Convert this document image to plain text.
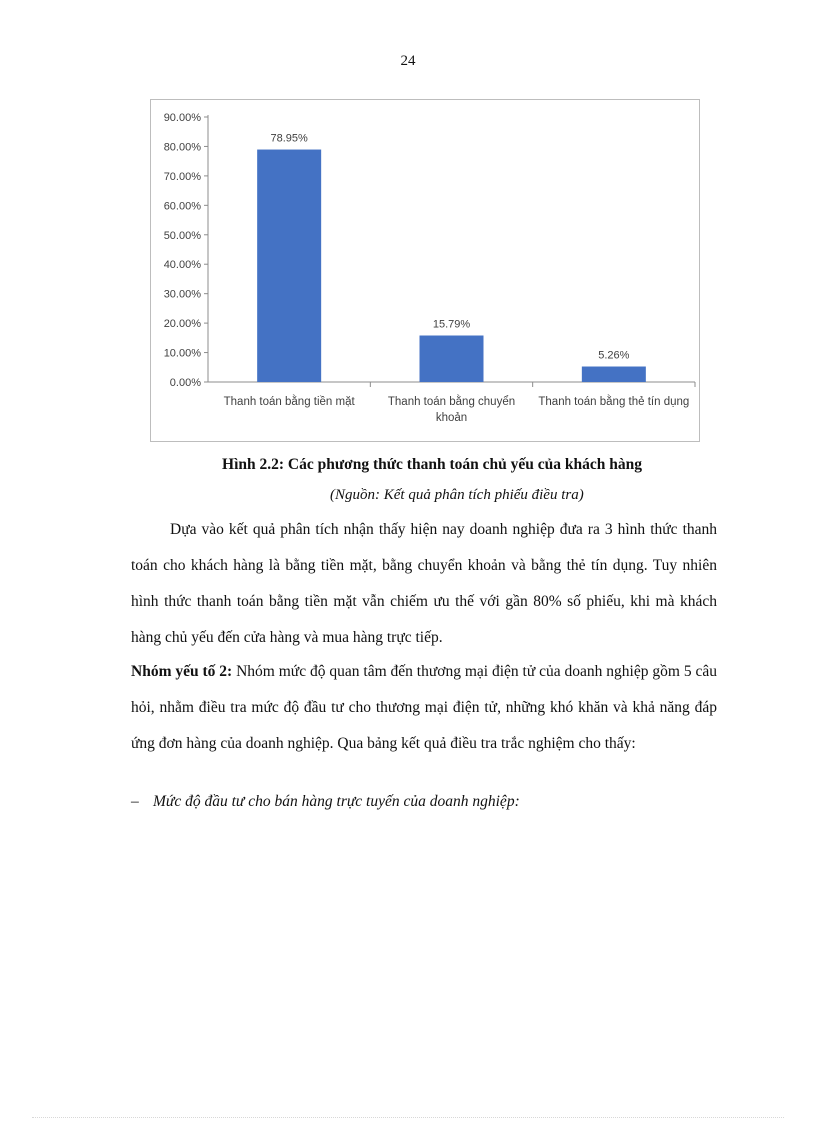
24
0.00%
10.00%
20.00%
30.00%
40.00%
50.00%
60.00%
70.00%
80.00%
90.00%
78.95%
Thanh toán bằng tiền mặt
15.79%
Thanh toán bằng chuyển
khoản
5.26%
Thanh toán bằng thẻ tín dụng
Hình 2.2: Các phương thức thanh toán chủ yếu của khách hàng
(Nguồn: Kết quả phân tích phiếu điều tra)
Dựa vào kết quả phân tích nhận thấy hiện nay doanh nghiệp đưa ra 3 hình thức thanh toán cho khách hàng là bằng tiền mặt, bằng chuyển khoản và bằng thẻ tín dụng. Tuy nhiên hình thức thanh toán bằng tiền mặt vẫn chiếm ưu thế với gần 80% số phiếu, khi mà khách hàng chủ yếu đến cửa hàng và mua hàng trực tiếp.
Nhóm yếu tố 2: Nhóm mức độ quan tâm đến thương mại điện tử của doanh nghiệp gồm 5 câu hỏi, nhằm điều tra mức độ đầu tư cho thương mại điện tử, những khó khăn và khả năng đáp ứng đơn hàng của doanh nghiệp. Qua bảng kết quả điều tra trắc nghiệm cho thấy:
– Mức độ đầu tư cho bán hàng trực tuyến của doanh nghiệp:
